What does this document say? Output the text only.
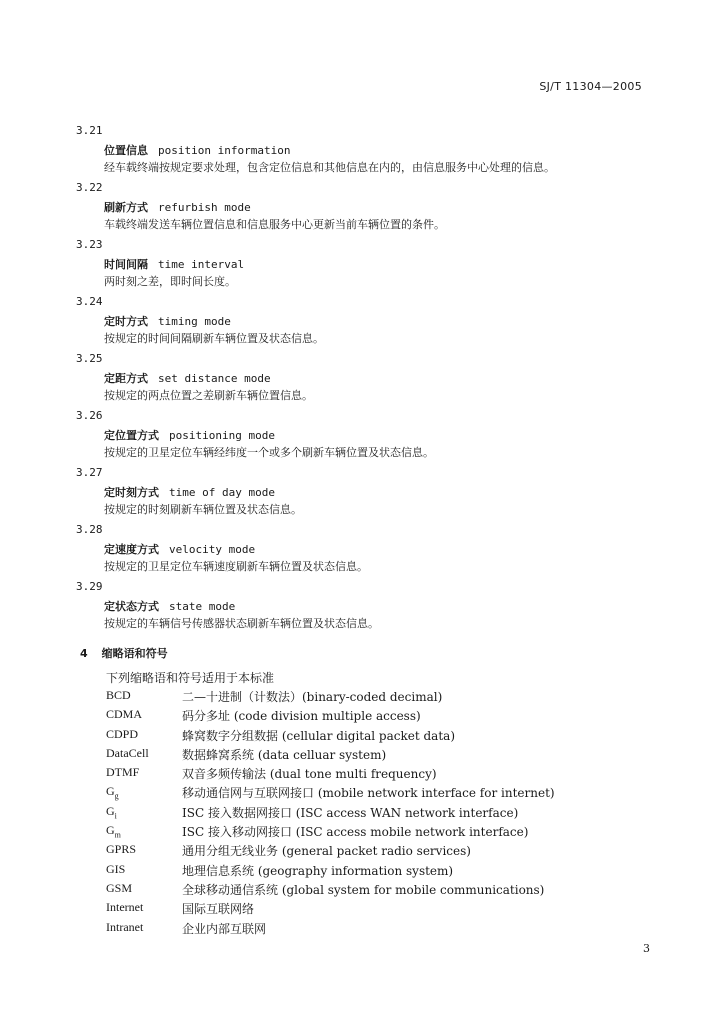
SJ/T 11304—2005
3.21
位置信息 position information
经车载终端按规定要求处理，包含定位信息和其他信息在内的，由信息服务中心处理的信息。
3.22
刷新方式 refurbish mode
车载终端发送车辆位置信息和信息服务中心更新当前车辆位置的条件。
3.23
时间间隔 time interval
两时刻之差，即时间长度。
3.24
定时方式 timing mode
按规定的时间间隔刷新车辆位置及状态信息。
3.25
定距方式 set distance mode
按规定的两点位置之差刷新车辆位置信息。
3.26
定位置方式 positioning mode
按规定的卫星定位车辆经纬度一个或多个刷新车辆位置及状态信息。
3.27
定时刻方式 time of day mode
按规定的时刻刷新车辆位置及状态信息。
3.28
定速度方式 velocity mode
按规定的卫星定位车辆速度刷新车辆位置及状态信息。
3.29
定状态方式 state mode
按规定的车辆信号传感器状态刷新车辆位置及状态信息。
4 缩略语和符号
下列缩略语和符号适用于本标准
BCD	二—十进制（计数法）(binary-coded decimal)
CDMA	码分多址 (code division multiple access)
CDPD	蜂窝数字分组数据 (cellular digital packet data)
DataCell	数据蜂窝系统 (data celluar system)
DTMF	双音多频传输法 (dual tone multi frequency)
$G_g$	移动通信网与互联网接口 (mobile network interface for internet)
$G_i$	ISC 接入数据网接口 (ISC access WAN network interface)
$G_m$	ISC 接入移动网接口 (ISC access mobile network interface)
GPRS	通用分组无线业务 (general packet radio services)
GIS	地理信息系统 (geography information system)
GSM	全球移动通信系统 (global system for mobile communications)
Internet	国际互联网络
Intranet	企业内部互联网
3
